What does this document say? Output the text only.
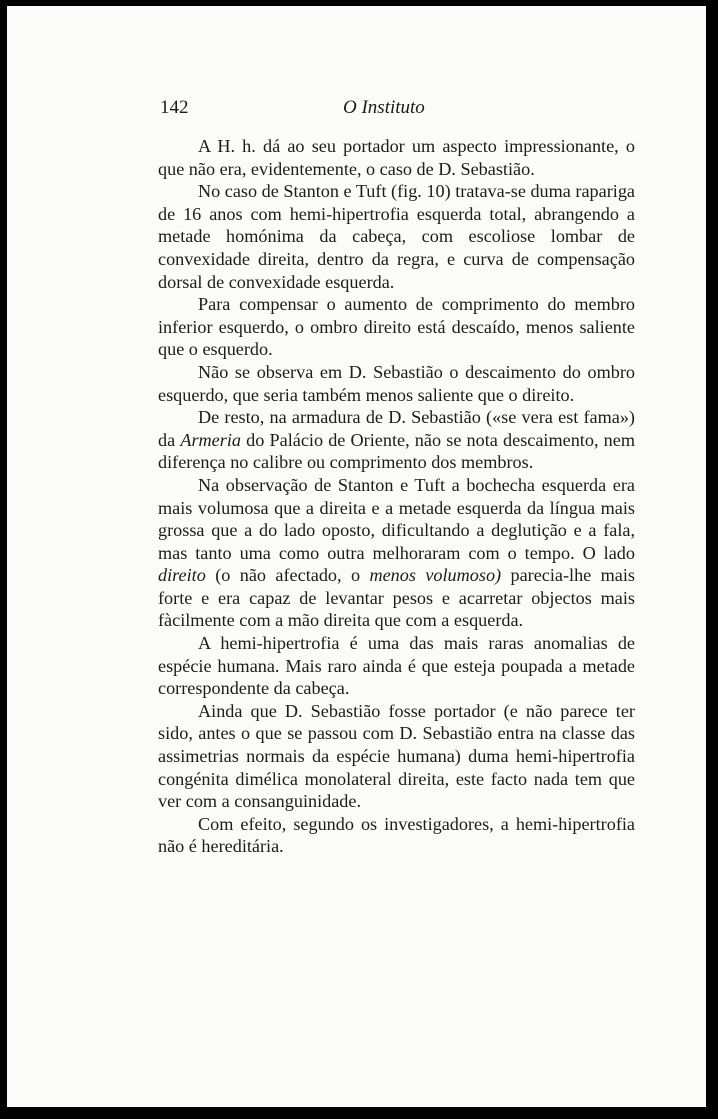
142	O Instituto

A H. h. dá ao seu portador um aspecto impressionante, o que não era, evidentemente, o caso de D. Sebastião.

No caso de Stanton e Tuft (fig. 10) tratava-se duma rapariga de 16 anos com hemi-hipertrofia esquerda total, abrangendo a metade homónima da cabeça, com escoliose lombar de convexidade direita, dentro da regra, e curva de compensação dorsal de convexidade esquerda.

Para compensar o aumento de comprimento do membro inferior esquerdo, o ombro direito está descaído, menos saliente que o esquerdo.

Não se observa em D. Sebastião o descaimento do ombro esquerdo, que seria também menos saliente que o direito.

De resto, na armadura de D. Sebastião («se vera est fama») da Armeria do Palácio de Oriente, não se nota descaimento, nem diferença no calibre ou comprimento dos membros.

Na observação de Stanton e Tuft a bochecha esquerda era mais volumosa que a direita e a metade esquerda da língua mais grossa que a do lado oposto, dificultando a deglutição e a fala, mas tanto uma como outra melhoraram com o tempo. O lado direito (o não afectado, o menos volumoso) parecia-lhe mais forte e era capaz de levantar pesos e acarretar objectos mais fàcilmente com a mão direita que com a esquerda.

A hemi-hipertrofia é uma das mais raras anomalias de espécie humana. Mais raro ainda é que esteja poupada a metade correspondente da cabeça.

Ainda que D. Sebastião fosse portador (e não parece ter sido, antes o que se passou com D. Sebastião entra na classe das assimetrias normais da espécie humana) duma hemi-hipertrofia congénita dimélica monolateral direita, este facto nada tem que ver com a consanguinidade.

Com efeito, segundo os investigadores, a hemi-hipertrofia não é hereditária.
